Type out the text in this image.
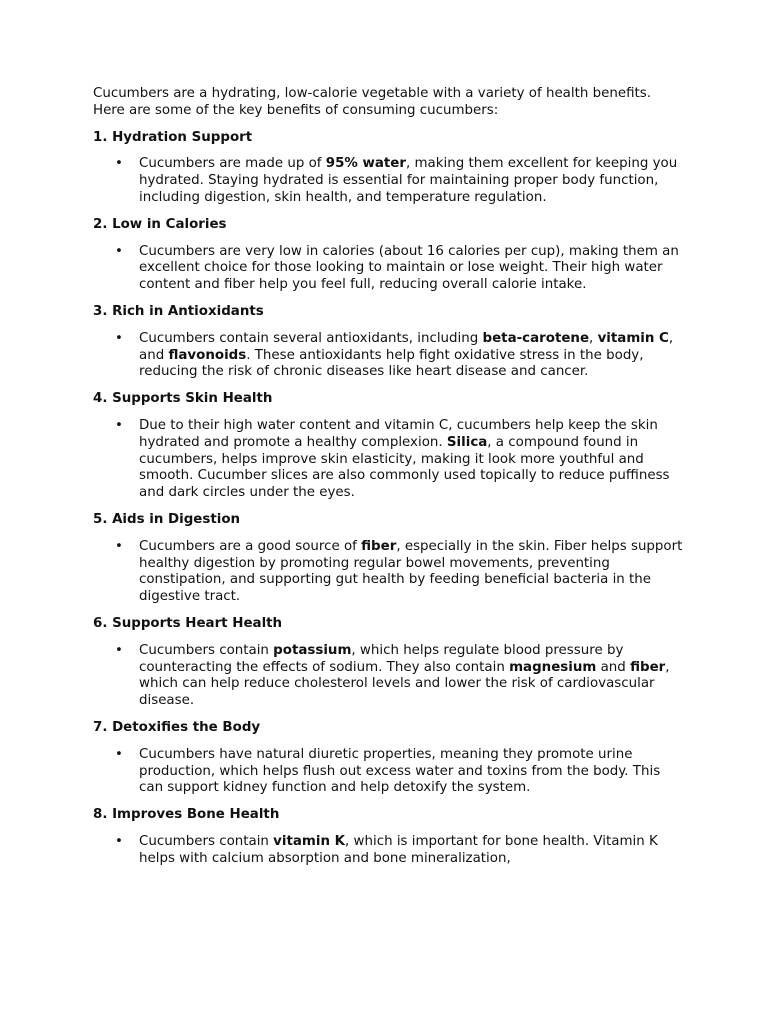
Cucumbers are a hydrating, low-calorie vegetable with a variety of health benefits. Here are some of the key benefits of consuming cucumbers:

1. Hydration Support
• Cucumbers are made up of 95% water, making them excellent for keeping you hydrated. Staying hydrated is essential for maintaining proper body function, including digestion, skin health, and temperature regulation.
2. Low in Calories
• Cucumbers are very low in calories (about 16 calories per cup), making them an excellent choice for those looking to maintain or lose weight. Their high water content and fiber help you feel full, reducing overall calorie intake.
3. Rich in Antioxidants
• Cucumbers contain several antioxidants, including beta-carotene, vitamin C, and flavonoids. These antioxidants help fight oxidative stress in the body, reducing the risk of chronic diseases like heart disease and cancer.
4. Supports Skin Health
• Due to their high water content and vitamin C, cucumbers help keep the skin hydrated and promote a healthy complexion. Silica, a compound found in cucumbers, helps improve skin elasticity, making it look more youthful and smooth. Cucumber slices are also commonly used topically to reduce puffiness and dark circles under the eyes.
5. Aids in Digestion
• Cucumbers are a good source of fiber, especially in the skin. Fiber helps support healthy digestion by promoting regular bowel movements, preventing constipation, and supporting gut health by feeding beneficial bacteria in the digestive tract.
6. Supports Heart Health
• Cucumbers contain potassium, which helps regulate blood pressure by counteracting the effects of sodium. They also contain magnesium and fiber, which can help reduce cholesterol levels and lower the risk of cardiovascular disease.
7. Detoxifies the Body
• Cucumbers have natural diuretic properties, meaning they promote urine production, which helps flush out excess water and toxins from the body. This can support kidney function and help detoxify the system.
8. Improves Bone Health
• Cucumbers contain vitamin K, which is important for bone health. Vitamin K helps with calcium absorption and bone mineralization,
